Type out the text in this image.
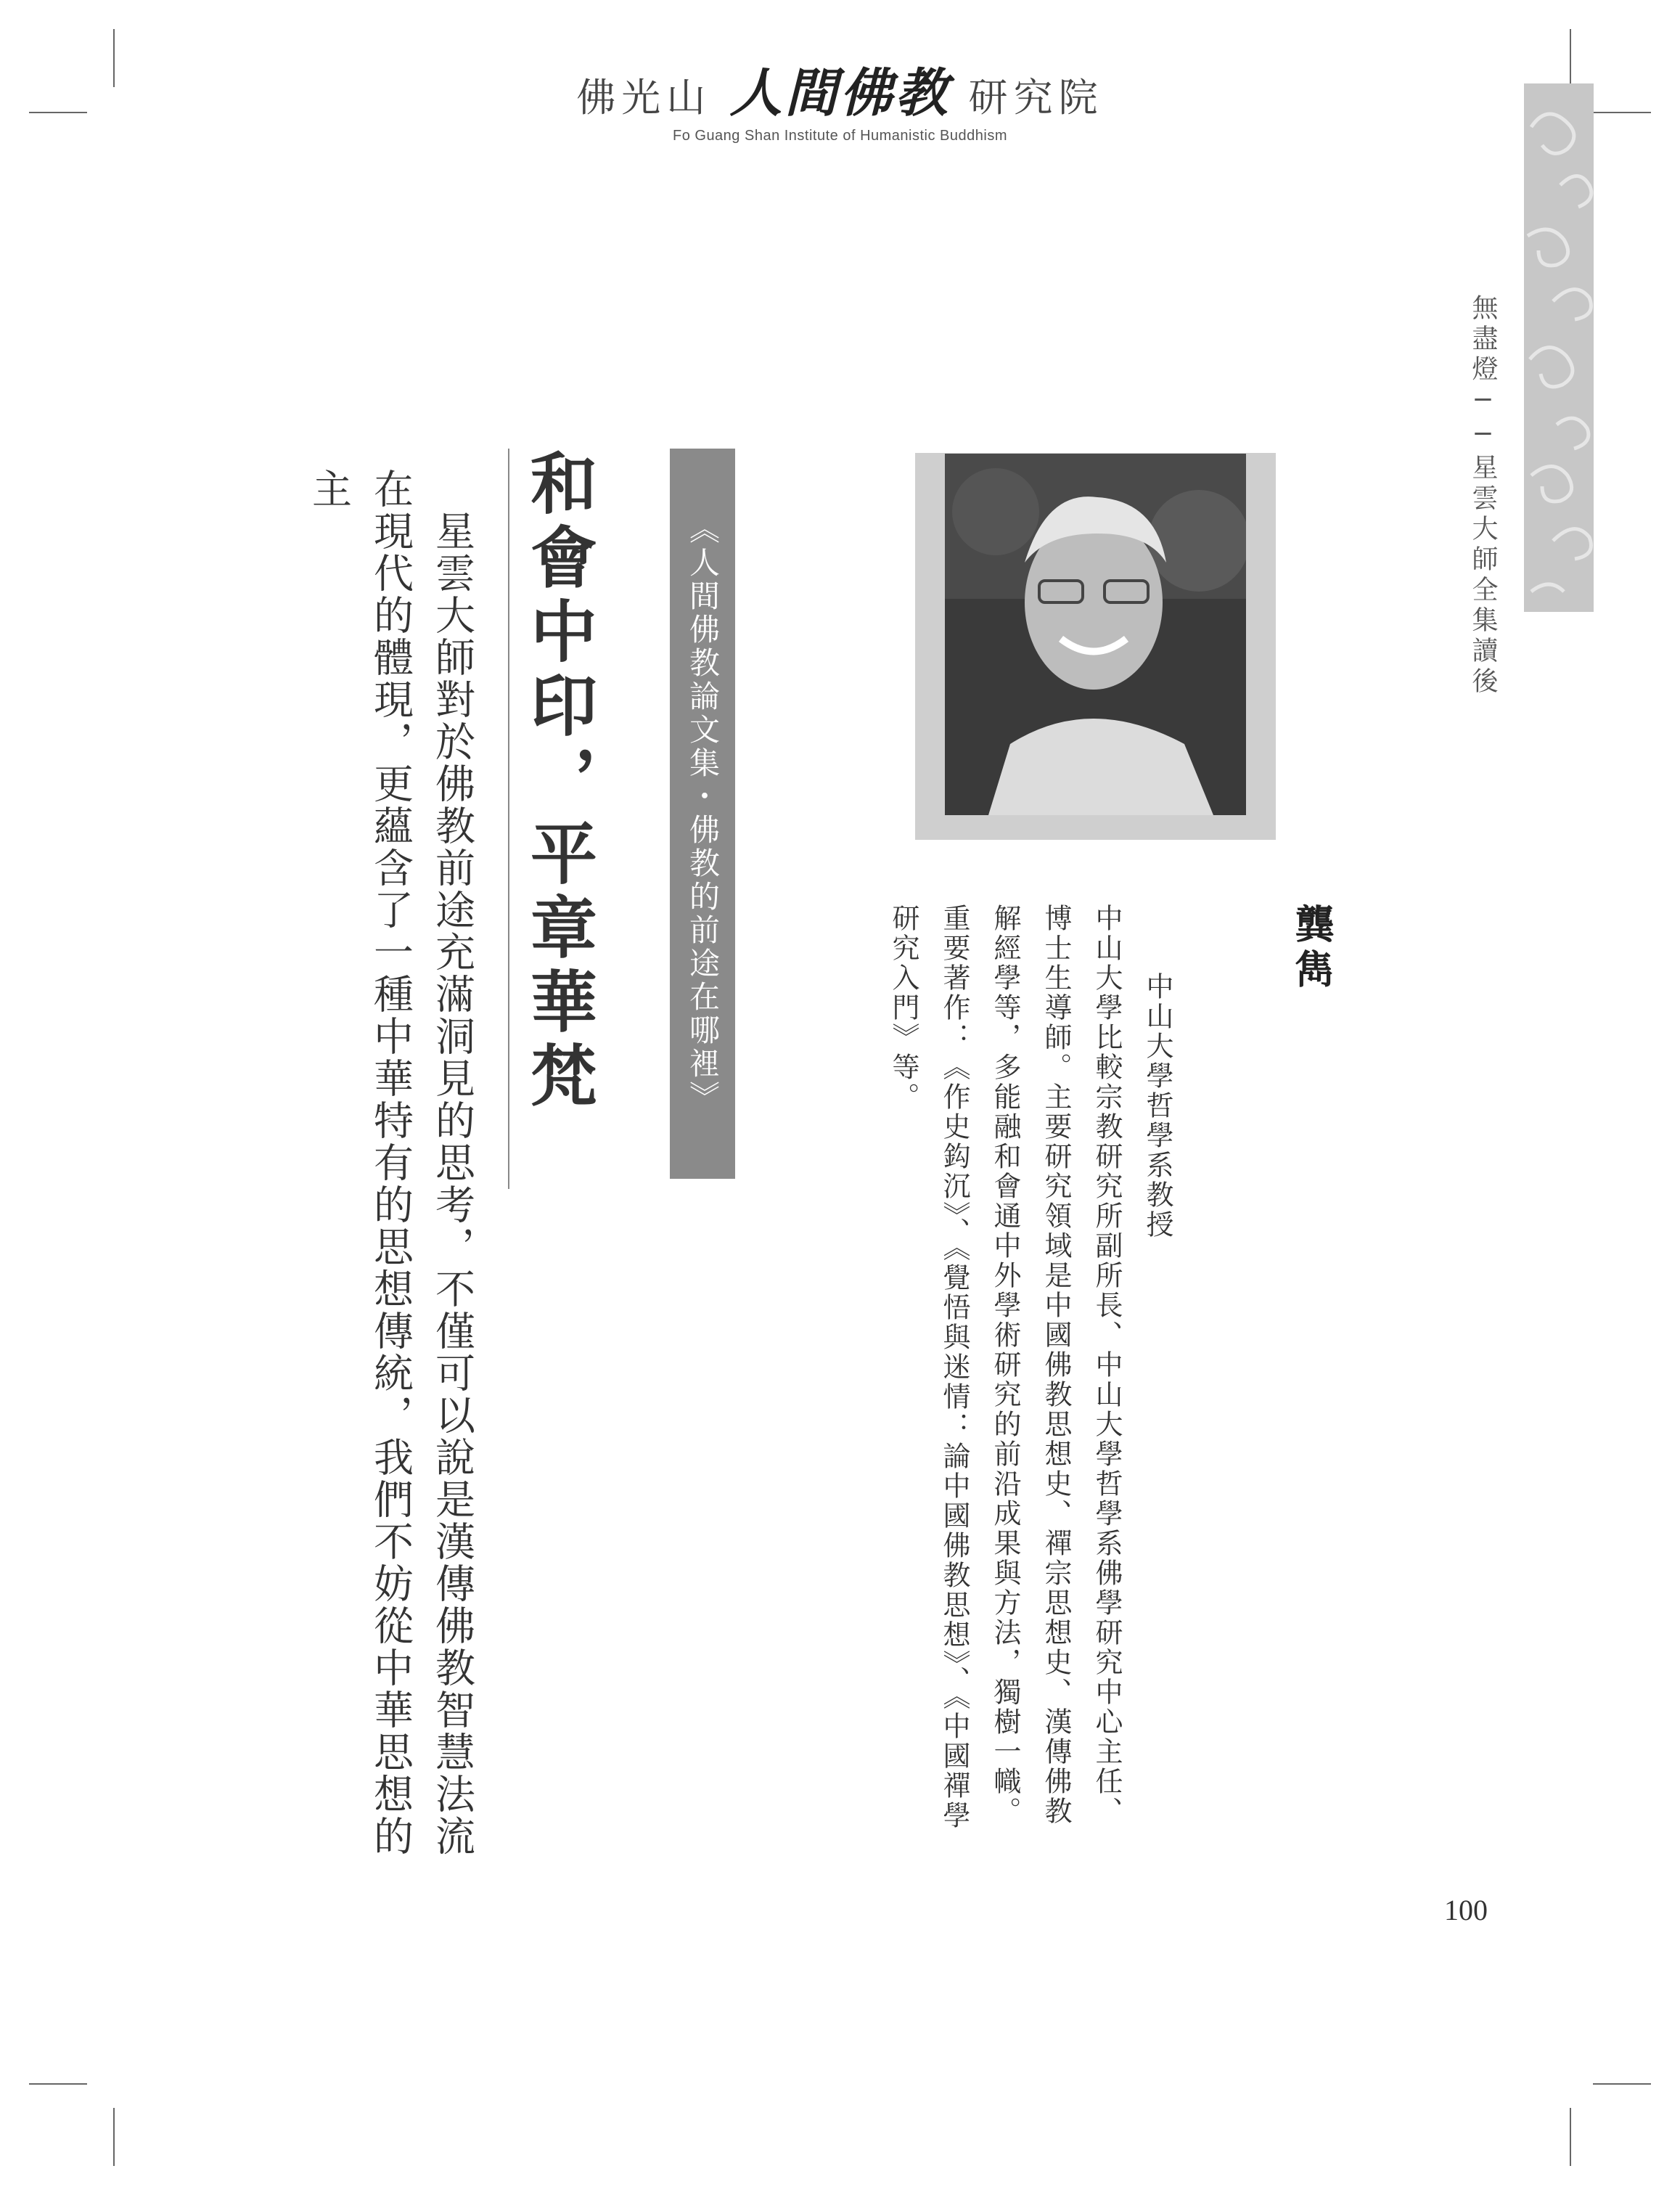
佛光山 人間佛教 研究院
Fo Guang Shan Institute of Humanistic Buddhism
無盡燈──星雲大師全集讀後
龔雋

中山大學哲學系教授
中山大學比較宗教研究所副所長、中山大學哲學系佛學研究中心主任、博士生導師。主要研究領域是中國佛教思想史、禪宗思想史、漢傳佛教解經學等，多能融和會通中外學術研究的前沿成果與方法，獨樹一幟。
重要著作：《作史鈎沉》、《覺悟與迷情：論中國佛教思想》、《中國禪學研究入門》等。

《人間佛教論文集・佛教的前途在哪裡》
和會中印，平章華梵
　星雲大師對於佛教前途充滿洞見的思考，不僅可以說是漢傳佛教智慧法流在現代的體現，更蘊含了一種中華特有的思想傳統，我們不妨從中華思想的主
100
